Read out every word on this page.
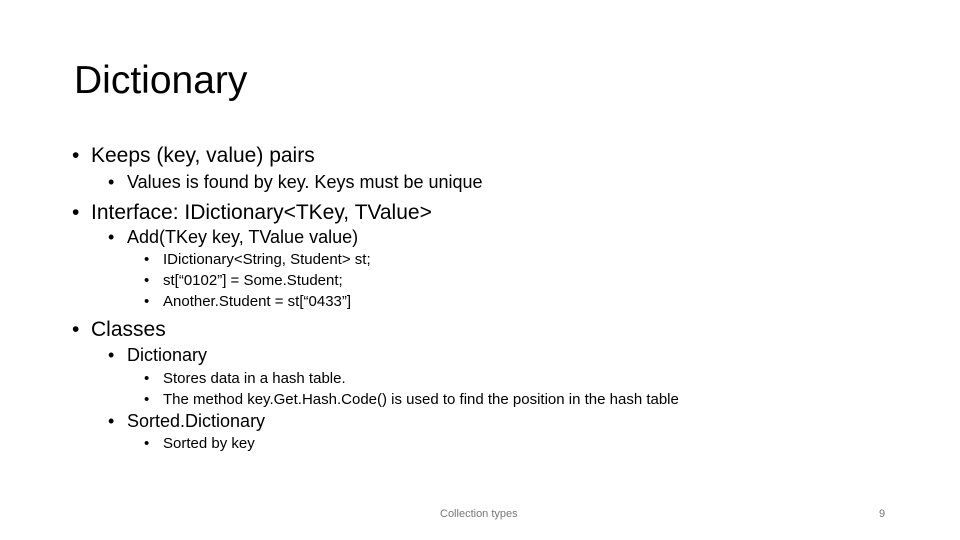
Dictionary
• Keeps (key, value) pairs
• Values is found by key. Keys must be unique
• Interface: IDictionary<TKey, TValue>
• Add(TKey key, TValue value)
• IDictionary<String, Student> st;
• st[“0102”] = Some.Student;
• Another.Student = st[“0433”]
• Classes
• Dictionary
• Stores data in a hash table.
• The method key.Get.Hash.Code() is used to find the position in the hash table
• Sorted.Dictionary
• Sorted by key
Collection types	9
